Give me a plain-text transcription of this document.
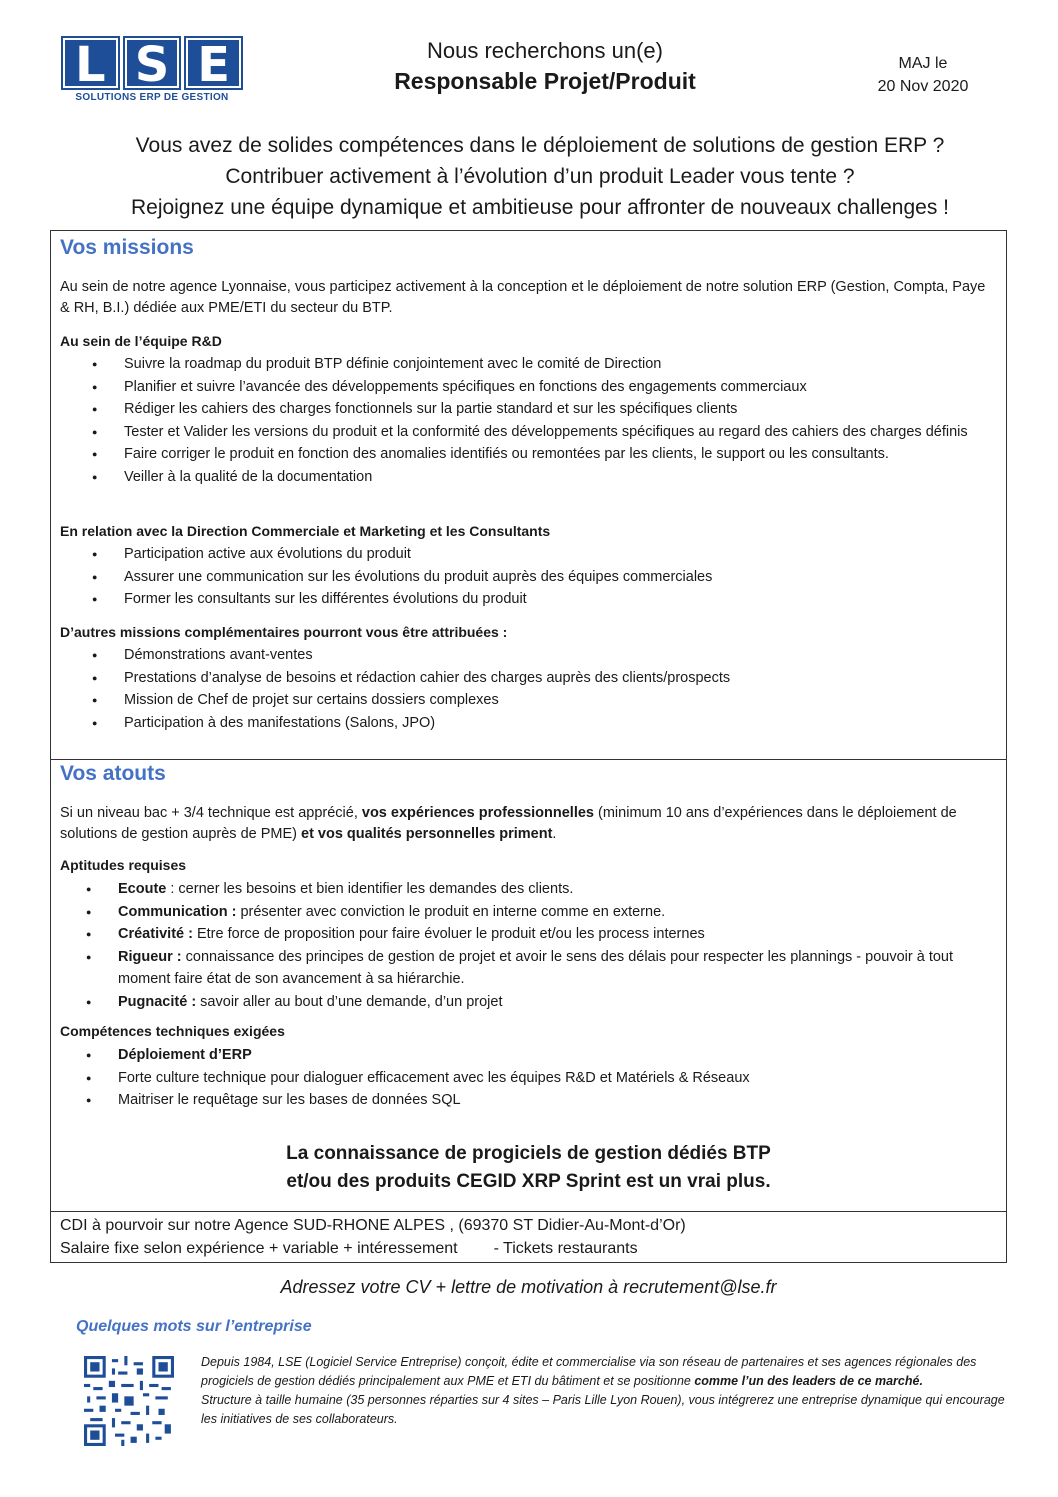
L S E
SOLUTIONS ERP DE GESTION
Nous recherchons un(e)
Responsable Projet/Produit
MAJ le
20 Nov 2020
Vous avez de solides compétences dans le déploiement de solutions de gestion ERP ?
Contribuer activement à l’évolution d’un produit Leader vous tente ?
Rejoignez une équipe dynamique et ambitieuse pour affronter de nouveaux challenges !
Vos missions
Au sein de notre agence Lyonnaise, vous participez activement à la conception et le déploiement de notre solution ERP (Gestion, Compta, Paye & RH, B.I.) dédiée aux PME/ETI du secteur du BTP.
Au sein de l’équipe R&D
● Suivre la roadmap du produit BTP définie conjointement avec le comité de Direction
● Planifier et suivre l’avancée des développements spécifiques en fonctions des engagements commerciaux
● Rédiger les cahiers des charges fonctionnels sur la partie standard et sur les spécifiques clients
● Tester et Valider les versions du produit et la conformité des développements spécifiques au regard des cahiers des charges définis
● Faire corriger le produit en fonction des anomalies identifiés ou remontées par les clients, le support ou les consultants.
● Veiller à la qualité de la documentation
En relation avec la Direction Commerciale et Marketing et les Consultants
● Participation active aux évolutions du produit
● Assurer une communication sur les évolutions du produit auprès des équipes commerciales
● Former les consultants sur les différentes évolutions du produit
D’autres missions complémentaires pourront vous être attribuées :
● Démonstrations avant-ventes
● Prestations d’analyse de besoins et rédaction cahier des charges auprès des clients/prospects
● Mission de Chef de projet sur certains dossiers complexes
● Participation à des manifestations (Salons, JPO)
Vos atouts
Si un niveau bac + 3/4 technique est apprécié, vos expériences professionnelles (minimum 10 ans d’expériences dans le déploiement de solutions de gestion auprès de PME) et vos qualités personnelles priment.
Aptitudes requises
● Ecoute : cerner les besoins et bien identifier les demandes des clients.
● Communication : présenter avec conviction le produit en interne comme en externe.
● Créativité : Etre force de proposition pour faire évoluer le produit et/ou les process internes
● Rigueur : connaissance des principes de gestion de projet et avoir le sens des délais pour respecter les plannings - pouvoir à tout moment faire état de son avancement à sa hiérarchie.
● Pugnacité : savoir aller au bout d’une demande, d’un projet
Compétences techniques exigées
● Déploiement d’ERP
● Forte culture technique pour dialoguer efficacement avec les équipes R&D et Matériels & Réseaux
● Maitriser le requêtage sur les bases de données SQL
La connaissance de progiciels de gestion dédiés BTP
et/ou des produits CEGID XRP Sprint est un vrai plus.
CDI à pourvoir sur notre Agence SUD-RHONE ALPES , (69370 ST Didier-Au-Mont-d’Or)
Salaire fixe selon expérience + variable + intéressement - Tickets restaurants
Adressez votre CV + lettre de motivation à recrutement@lse.fr
Quelques mots sur l’entreprise
Depuis 1984, LSE (Logiciel Service Entreprise) conçoit, édite et commercialise via son réseau de partenaires et ses agences régionales des progiciels de gestion dédiés principalement aux PME et ETI du bâtiment et se positionne comme l’un des leaders de ce marché.
Structure à taille humaine (35 personnes réparties sur 4 sites – Paris Lille Lyon Rouen), vous intégrerez une entreprise dynamique qui encourage les initiatives de ses collaborateurs.
